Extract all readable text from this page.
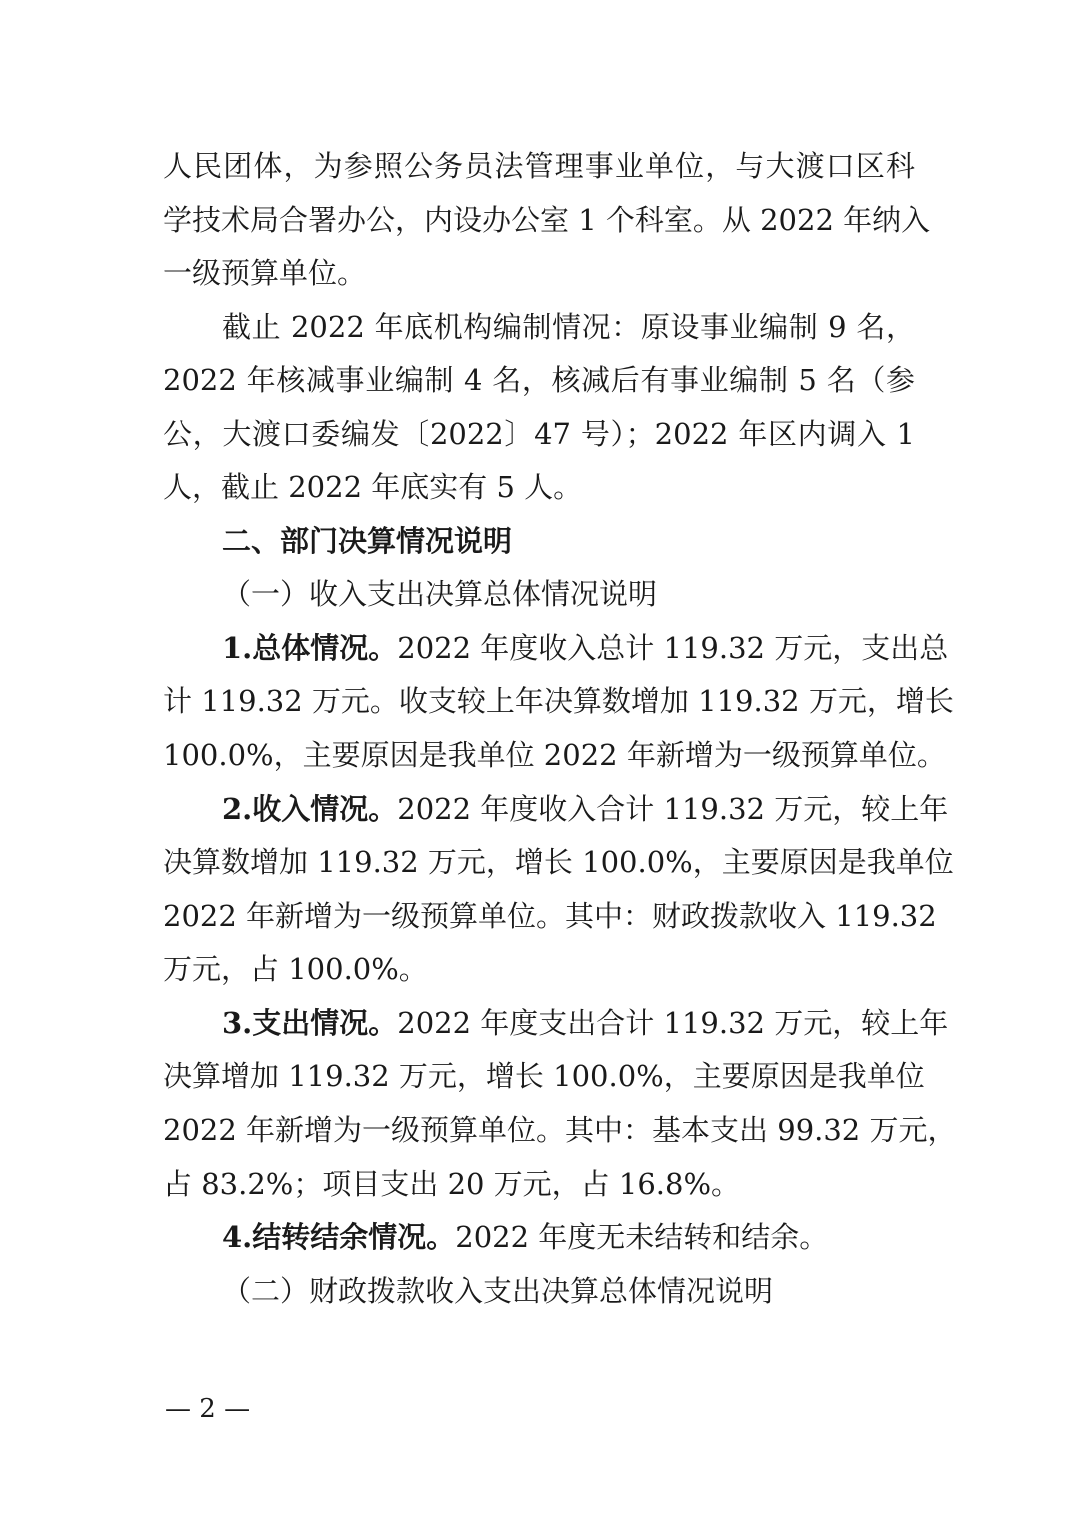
人民团体，为参照公务员法管理事业单位，与大渡口区科
学技术局合署办公，内设办公室 1 个科室。从 2022 年纳入
一级预算单位。
截止 2022 年底机构编制情况：原设事业编制 9 名，
2022 年核减事业编制 4 名，核减后有事业编制 5 名（参
公，大渡口委编发〔2022〕47 号）；2022 年区内调入 1
人，截止 2022 年底实有 5 人。
二、部门决算情况说明
（一）收入支出决算总体情况说明
1.总体情况。2022 年度收入总计 119.32 万元，支出总
计 119.32 万元。收支较上年决算数增加 119.32 万元，增长
100.0%，主要原因是我单位 2022 年新增为一级预算单位。
2.收入情况。2022 年度收入合计 119.32 万元，较上年
决算数增加 119.32 万元，增长 100.0%，主要原因是我单位
2022 年新增为一级预算单位。其中：财政拨款收入 119.32
万元，占 100.0%。
3.支出情况。2022 年度支出合计 119.32 万元，较上年
决算增加 119.32 万元，增长 100.0%，主要原因是我单位
2022 年新增为一级预算单位。其中：基本支出 99.32 万元，
占 83.2%；项目支出 20 万元，占 16.8%。
4.结转结余情况。2022 年度无未结转和结余。
（二）财政拨款收入支出决算总体情况说明
— 2 —
